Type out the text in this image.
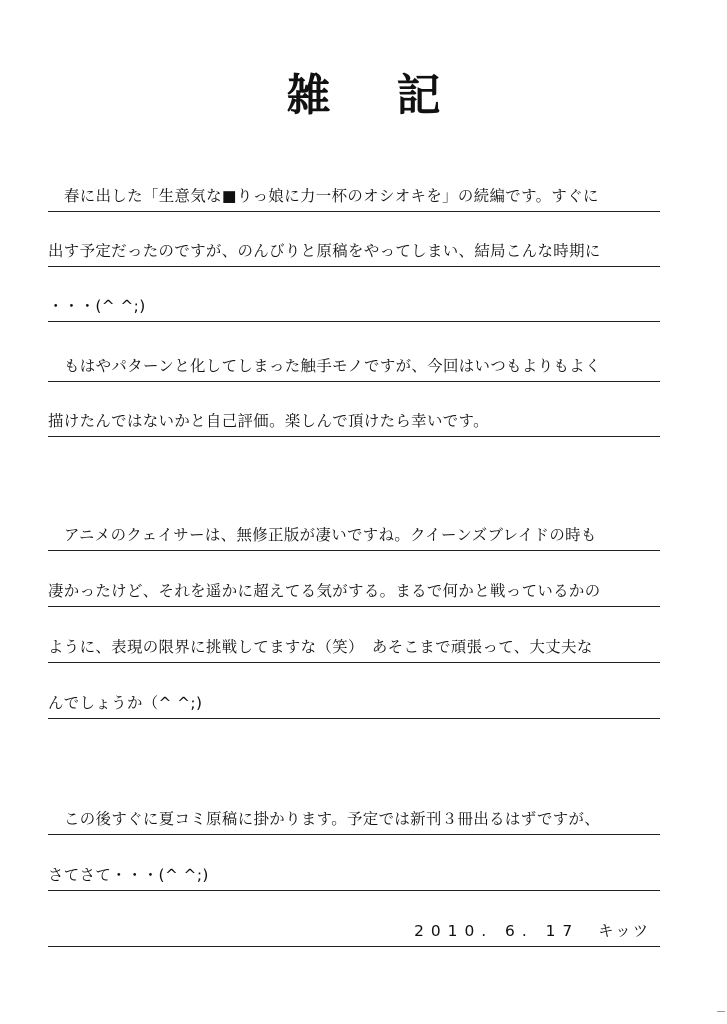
雑記
春に出した「生意気な■りっ娘に力一杯のオシオキを」の続編です。すぐに
出す予定だったのですが、のんびりと原稿をやってしまい、結局こんな時期に
・・・(^ ^;)
もはやパターンと化してしまった触手モノですが、今回はいつもよりもよく
描けたんではないかと自己評価。楽しんで頂けたら幸いです。
アニメのクェイサーは、無修正版が凄いですね。クイーンズブレイドの時も
凄かったけど、それを遥かに超えてる気がする。まるで何かと戦っているかの
ように、表現の限界に挑戦してますな（笑）　あそこまで頑張って、大丈夫な
んでしょうか（^ ^;)
この後すぐに夏コミ原稿に掛かります。予定では新刊３冊出るはずですが、
さてさて・・・(^ ^;)
2010. 6. 17 キッツ
